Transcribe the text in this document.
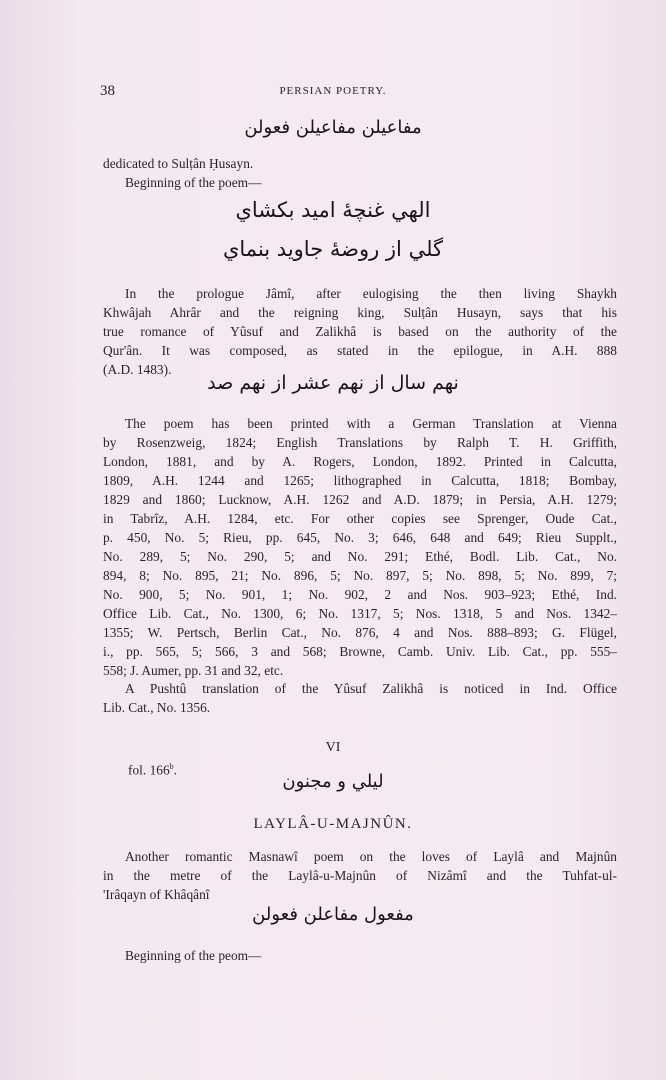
38	PERSIAN POETRY.
مفاعيلن مفاعيلن فعولن
dedicated to Sulṭân Ḥusayn.
Beginning of the poem—
الهي غنچهٔ اميد بکشاي
گلي از روضهٔ جاويد بنماي
In the prologue Jâmî, after eulogising the then living Shaykh
Khwâjah Ahrâr and the reigning king, Sulṭân Husayn, says that his
true romance of Yûsuf and Zalikhâ is based on the authority of the
Qur'ân. It was composed, as stated in the epilogue, in A.H. 888
(A.D. 1483).
نهم سال از نهم عشر از نهم صد
The poem has been printed with a German Translation at Vienna
by Rosenzweig, 1824; English Translations by Ralph T. H. Griffith,
London, 1881, and by A. Rogers, London, 1892. Printed in Calcutta,
1809, A.H. 1244 and 1265; lithographed in Calcutta, 1818; Bombay,
1829 and 1860; Lucknow, A.H. 1262 and A.D. 1879; in Persia, A.H. 1279;
in Tabrîz, A.H. 1284, etc. For other copies see Sprenger, Oude Cat.,
p. 450, No. 5; Rieu, pp. 645, No. 3; 646, 648 and 649; Rieu Supplt.,
No. 289, 5; No. 290, 5; and No. 291; Ethé, Bodl. Lib. Cat., No.
894, 8; No. 895, 21; No. 896, 5; No. 897, 5; No. 898, 5; No. 899, 7;
No. 900, 5; No. 901, 1; No. 902, 2 and Nos. 903–923; Ethé, Ind.
Office Lib. Cat., No. 1300, 6; No. 1317, 5; Nos. 1318, 5 and Nos. 1342–
1355; W. Pertsch, Berlin Cat., No. 876, 4 and Nos. 888–893; G. Flügel,
i., pp. 565, 5; 566, 3 and 568; Browne, Camb. Univ. Lib. Cat., pp. 555–
558; J. Aumer, pp. 31 and 32, etc.
A Pushtû translation of the Yûsuf Zalikhâ is noticed in Ind. Office
Lib. Cat., No. 1356.
VI
fol. 166$^b$.
ليلي و مجنون
LAYLÂ-U-MAJNÛN.
Another romantic Masnawî poem on the loves of Laylâ and Majnûn
in the metre of the Laylâ-u-Majnûn of Nizâmî and the Tuhfat-ul-
'Irâqayn of Khâqânî
مفعول مفاعلن فعولن
Beginning of the peom—
